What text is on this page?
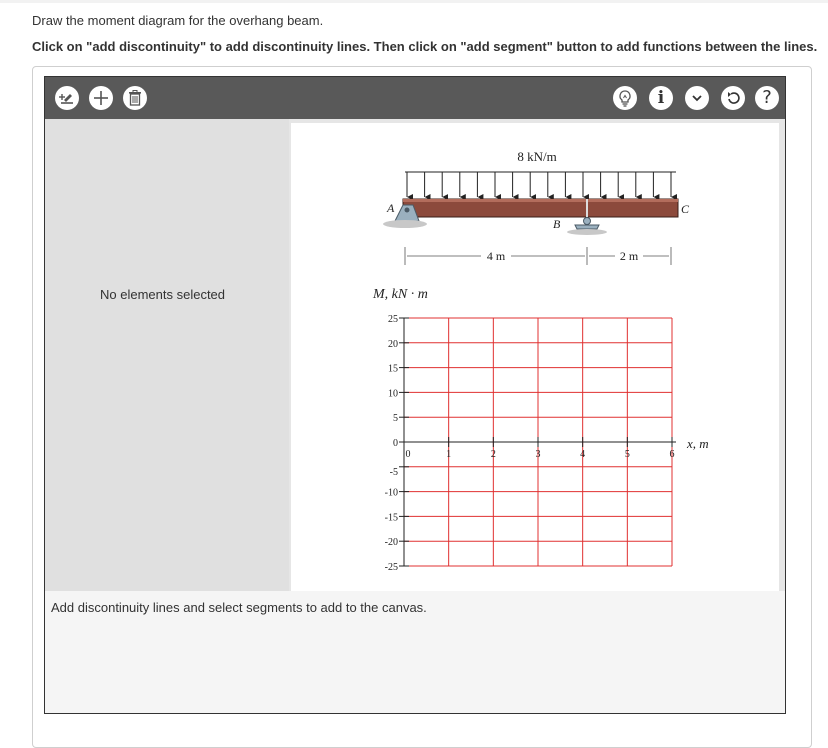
Draw the moment diagram for the overhang beam.
Click on "add discontinuity" to add discontinuity lines. Then click on "add segment" button to add functions between the lines.
i	?
No elements selected
8 kN/m
A
B
C
4 m	2 m
M, kN · m
25
20
15
10
5
0
-5
-10
-15
-20
-25
0	1	2	3	4	5	6
x, m
Add discontinuity lines and select segments to add to the canvas.
